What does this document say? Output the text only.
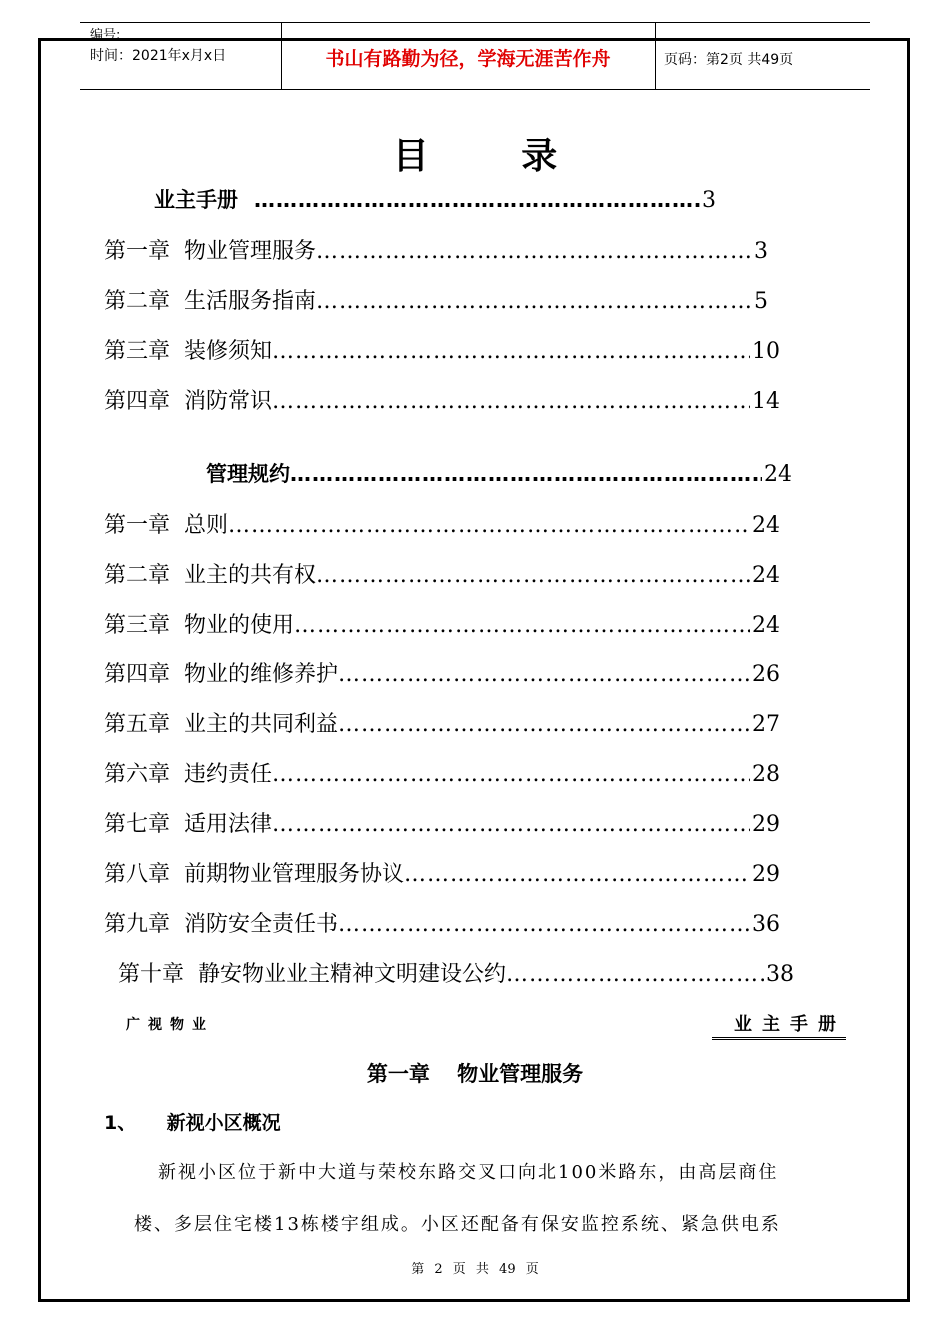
编号:
时间：2021年x月x日	书山有路勤为径，学海无涯苦作舟	页码：第2页 共49页
目 录
业主手册 ……………………………………………………………………………………………………………………………………………………	3
第一章 物业管理服务 ……………………………………………………………………………………………………………………………………………………	3
第二章 生活服务指南 ……………………………………………………………………………………………………………………………………………………	5
第三章 装修须知 ……………………………………………………………………………………………………………………………………………………	10
第四章 消防常识 ……………………………………………………………………………………………………………………………………………………	14
管理规约 ……………………………………………………………………………………………………………………………………………………	24
第一章 总则 ……………………………………………………………………………………………………………………………………………………	24
第二章 业主的共有权 ……………………………………………………………………………………………………………………………………………………	24
第三章 物业的使用 ……………………………………………………………………………………………………………………………………………………	24
第四章 物业的维修养护 ……………………………………………………………………………………………………………………………………………………	26
第五章 业主的共同利益 ……………………………………………………………………………………………………………………………………………………	27
第六章 违约责任 ……………………………………………………………………………………………………………………………………………………	28
第七章 适用法律 ……………………………………………………………………………………………………………………………………………………	29
第八章 前期物业管理服务协议 ……………………………………………………………………………………………………………………………………………………	29
第九章 消防安全责任书 ……………………………………………………………………………………………………………………………………………………	36
第十章 静安物业业主精神文明建设公约 ……………………………………………………………………………………………………………………………………………………	38
广视物业	业主手册
第一章 物业管理服务
1、 新视小区概况
新视小区位于新中大道与荣校东路交叉口向北100米路东，由高层商住
楼、多层住宅楼13栋楼宇组成。小区还配备有保安监控系统、紧急供电系
第 2 页 共 49 页
